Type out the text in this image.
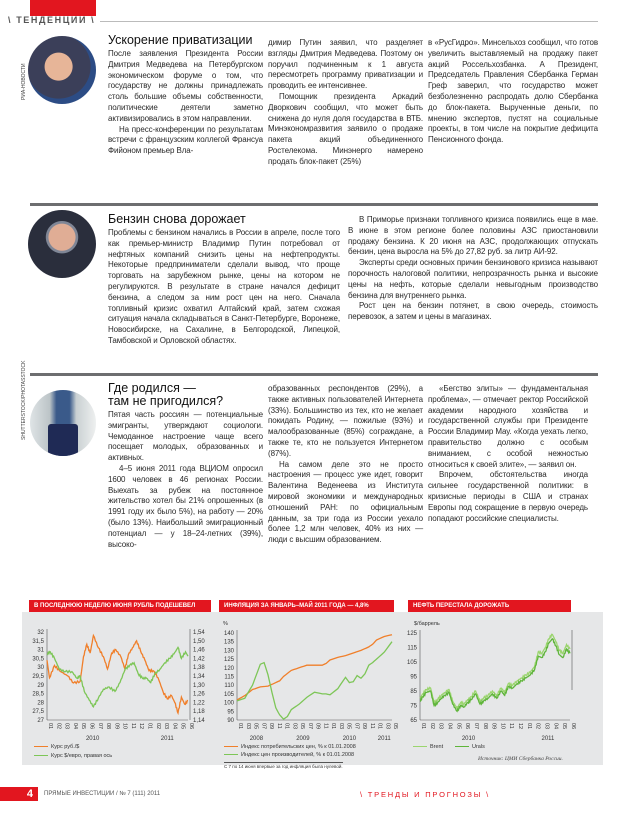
\ ТЕНДЕНЦИИ \
РИА-НОВОСТИ
SHUTTERSTOCK/PHOTASSTOCK
Ускорение приватизации

После заявления Президента России Дмитрия Медведева на Петербургском экономическом форуме о том, что государству не должны принадлежать столь большие объемы собственности, политические деятели заметно активизировались в этом направлении.

На пресс-конференции по результатам встречи с французским коллегой Франсуа Фийоном премьер Вла-

димир Путин заявил, что разделяет взгляды Дмитрия Медведева. Поэтому он поручил подчиненным к 1 августа пересмотреть программу приватизации и проводить ее интенсивнее.

Помощник президента Аркадий Дворкович сообщил, что может быть снижена до нуля доля государства в ВТБ. Минэкономразвития заявило о продаже пакета акций объединенного Ростелекома. Минэнерго намерено продать блок-пакет (25%)

в «РусГидро». Минсельхоз сообщил, что готов увеличить выставляемый на продажу пакет акций Россельхозбанка. А Президент, Председатель Правления Сбербанка Герман Греф заверил, что государство может безболезненно распродать долю Сбербанка до блок-пакета. Вырученные деньги, по мнению экспертов, пустят на социальные проекты, в том числе на покрытие дефицита Пенсионного фонда.

Бензин снова дорожает

Проблемы с бензином начались в России в апреле, после того как премьер-министр Владимир Путин потребовал от нефтяных компаний снизить цены на нефтепродукты. Некоторые предприниматели сделали вывод, что проще торговать на зарубежном рынке, цены на котором не регулируются. В результате в стране начался дефицит бензина, а следом за ним рост цен на него. Сначала топливный кризис охватил Алтайский край, затем схожая ситуация начала складываться в Санкт-Петербурге, Воронеже, Новосибирске, на Сахалине, в Белгородской, Липецкой, Тамбовской и Орловской областях.

В Приморье признаки топливного кризиса появились еще в мае. В июне в этом регионе более половины АЗС приостановили продажу бензина. К 20 июня на АЗС, продолжающих отпускать бензин, цена выросла на 5% до 27,82 руб. за литр АИ-92.

Эксперты среди основных причин бензинового кризиса называют порочность налоговой политики, непрозрачность рынка и высокие цены на нефть, которые сделали невыгодным производство бензина для внутреннего рынка.

Рост цен на бензин потянет, в свою очередь, стоимость перевозок, а затем и цены в магазинах.

Где родился —
там не пригодился?

Пятая часть россиян — потенциальные эмигранты, утверждают социологи. Чемоданное настроение чаще всего посещает молодых, образованных и активных.

4–5 июня 2011 года ВЦИОМ опросил 1600 человек в 46 регионах России. Выехать за рубеж на постоянное жительство хотел бы 21% опрошенных (в 1991 году их было 5%), на работу — 20% (было 13%). Наибольший эмиграционный потенциал — у 18–24-летних (39%), высоко-

образованных респондентов (29%), а также активных пользователей Интернета (33%). Большинство из тех, кто не желает покидать Родину, — пожилые (93%) и малообразованные (85%) сограждане, а также те, кто не пользуется Интернетом (87%).

На самом деле это не просто настроения — процесс уже идет, говорит Валентина Веденеева из Института мировой экономики и международных отношений РАН: по официальным данным, за три года из России уехало более 1,2 млн человек, 40% из них — люди с высшим образованием.

«Бегство элиты» — фундаментальная проблема», — отмечает ректор Российской академии народного хозяйства и государственной службы при Президенте России Владимир Мау. «Когда уехать легко, правительство должно с особым вниманием, с особой нежностью относиться к своей элите», — заявил он.

Впрочем, обстоятельства иногда сильнее государственной политики: в кризисные периоды в США и странах Европы под сокращение в первую очередь попадают российские специалисты.

В ПОСЛЕДНЮЮ НЕДЕЛЮ ИЮНЯ РУБЛЬ ПОДЕШЕВЕЛ	ИНФЛЯЦИЯ ЗА ЯНВАРЬ–МАЙ 2011 ГОДА — 4,8%	НЕФТЬ ПЕРЕСТАЛА ДОРОЖАТЬ
27
27,5
28
28,5
29
29,5
30
30,5
31
31,5
32
1,14
1,18
1,22
1,26
1,30
1,34
1,38
1,42
1,46
1,50
1,54
01 02 03 04 05 06 07 08 09 10 11 12 01 02 03 04 05 06
2010	2011
90
95
100
105
110
115
120
125
130
135
140
%
01 03 05 07 09 11 01 03 05 07 09 11 01 03 05 07 09 11 01 03 05
2008	2009	2010	2011
65
75
85
95
105
115
125
$/баррель
01 02 03 04 05 06 07 08 09 10 11 12 01 02 03 04 05 06
2010	2011
Курс руб./$
Курс $/евро, правая ось
Индекс потребительских цен, % к 01.01.2008
Индекс цен производителей, % к 01.01.2008
С 7 по 14 июня впервые за год инфляция была нулевой.
Brent	Urals
Источник: ЦМИ Сбербанка России.
4	ПРЯМЫЕ ИНВЕСТИЦИИ / № 7 (111) 2011	\ ТРЕНДЫ И ПРОГНОЗЫ \
